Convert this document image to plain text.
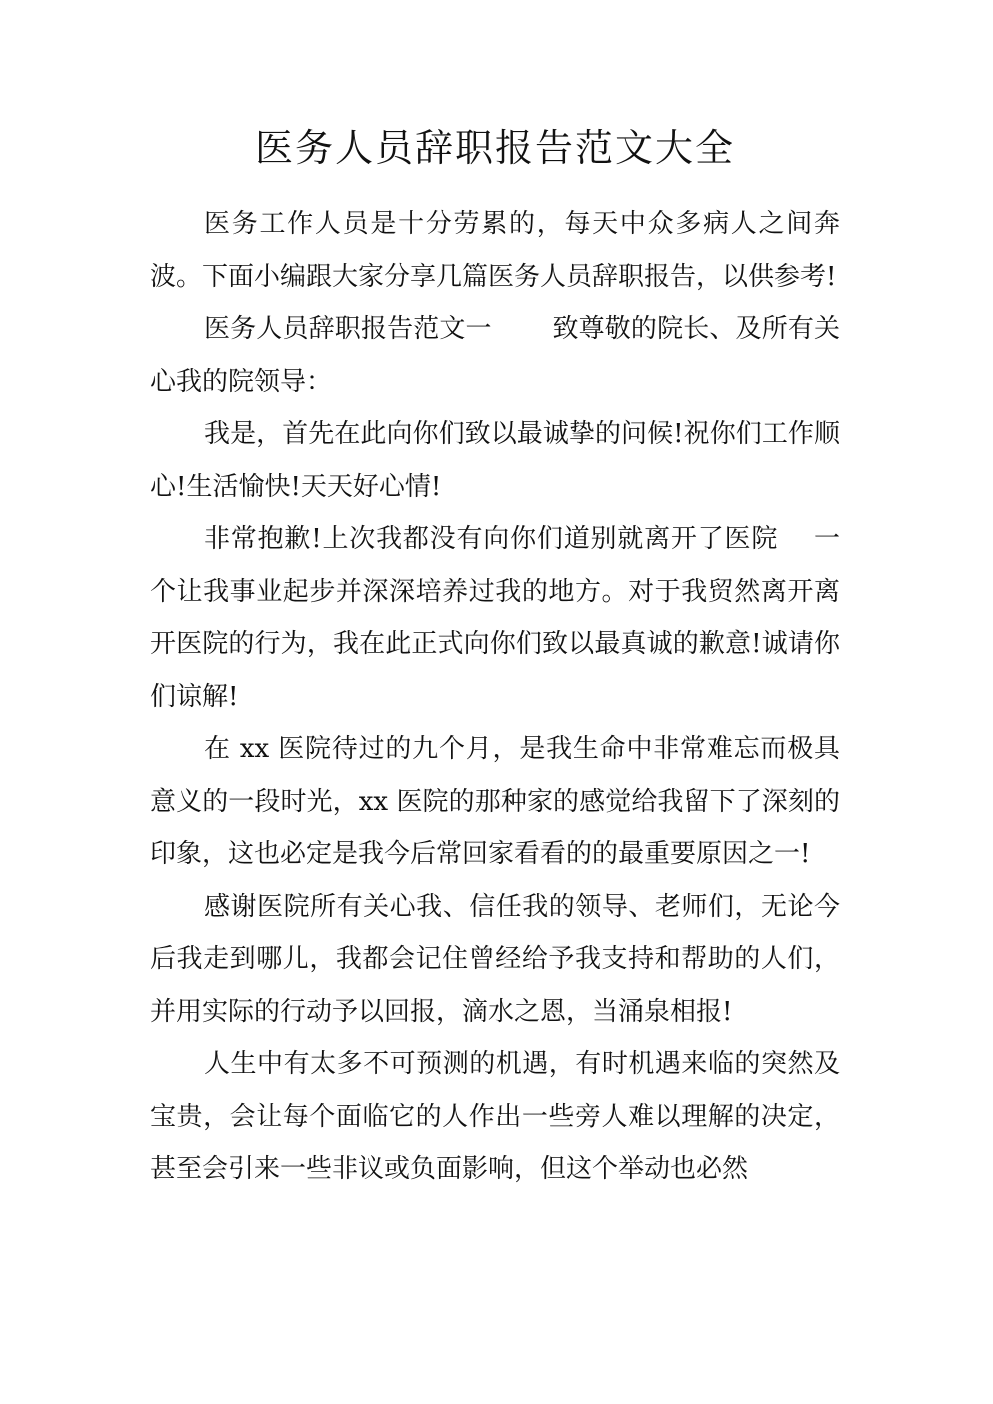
医务人员辞职报告范文大全

医务工作人员是十分劳累的，每天中众多病人之间奔波。下面小编跟大家分享几篇医务人员辞职报告，以供参考!

医务人员辞职报告范文一　　 致尊敬的院长、及所有关心我的院领导：

我是，首先在此向你们致以最诚挚的问候!祝你们工作顺心!生活愉快!天天好心情!

非常抱歉!上次我都没有向你们道别就离开了医院　 一个让我事业起步并深深培养过我的地方。对于我贸然离开离开医院的行为，我在此正式向你们致以最真诚的歉意!诚请你们谅解!

在 xx 医院待过的九个月，是我生命中非常难忘而极具意义的一段时光，xx 医院的那种家的感觉给我留下了深刻的印象，这也必定是我今后常回家看看的的最重要原因之一!

感谢医院所有关心我、信任我的领导、老师们，无论今后我走到哪儿，我都会记住曾经给予我支持和帮助的人们，并用实际的行动予以回报，滴水之恩，当涌泉相报!

人生中有太多不可预测的机遇，有时机遇来临的突然及宝贵，会让每个面临它的人作出一些旁人难以理解的决定，甚至会引来一些非议或负面影响，但这个举动也必然
